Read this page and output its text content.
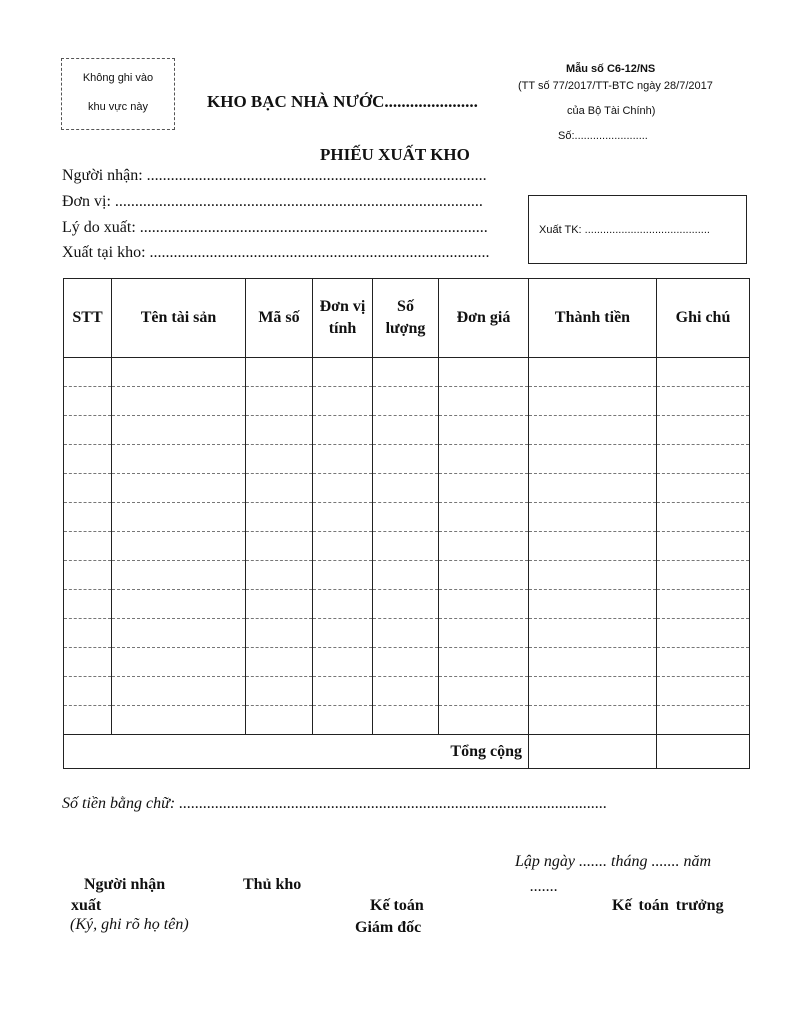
Không ghi vào
khu vực này	KHO BẠC NHÀ NƯỚC......................
Mẫu số C6-12/NS
(TT số 77/2017/TT-BTC ngày 28/7/2017
của Bộ Tài Chính)
Số:........................
PHIẾU XUẤT KHO
Người nhận: .....................................................................................
Đơn vị: ............................................................................................
Lý do xuất: .......................................................................................
Xuất tại kho: .....................................................................................
Xuất TK: .........................................
STT	Tên tài sản	Mã số	Đơn vị tính	Số lượng	Đơn giá	Thành tiền	Ghi chú

Tổng cộng							
Số tiền bằng chữ: ...........................................................................................................
Lập ngày ....... tháng ....... năm
.......
Người nhận
xuất
(Ký, ghi rõ họ tên)
Thủ kho
Kế toán
Giám đốc
Kế toán trưởng
